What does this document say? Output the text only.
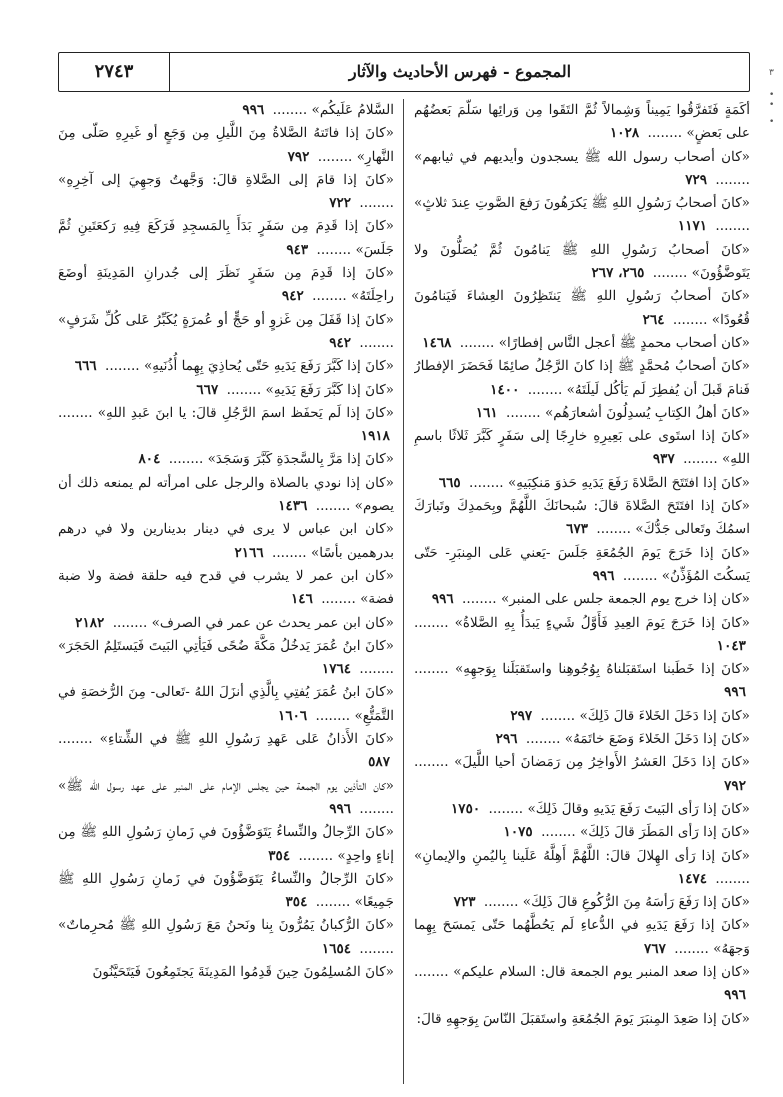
المجموع - فهرس الأحاديث والآثار
٢٧٤٣
أكَمَةٍ فَتَفرَّقُوا يَمِيناً وَشِمالاً ثُمَّ التَقَوا مِن وَرائِها سَلَّمَ بَعضُهُم على بَعضٍ» ........ ١٠٢٨
«كان أصحاب رسول الله ﷺ يسجدون وأيديهم في ثيابهم» ........ ٧٢٩
«كانَ أصحابُ رَسُولِ اللهِ ﷺ يَكرَهُونَ رَفعَ الصَّوتِ عِندَ ثلاثٍ» ........ ١١٧١
«كانَ أصحابُ رَسُولِ اللهِ ﷺ يَنامُونَ ثُمَّ يُصَلُّونَ ولا يَتَوضَّؤُونَ» ........ ٢٦٥، ٢٦٧
«كانَ أصحابُ رَسُولِ اللهِ ﷺ يَنتَظِرُونَ العِشاءَ فَيَنامُونَ قُعُودًا» ........ ٢٦٤
«كان أصحاب محمدٍ ﷺ أعجل النَّاس إفطارًا» ........ ١٤٦٨
«كانَ أصحابُ مُحمَّدٍ ﷺ إذا كانَ الرَّجُلُ صائِمًا فَحَضَرَ الإفطارُ فَنامَ قَبلَ أن يُفطِرَ لَم يَأكُل لَيلَتَهُ» ........ ١٤٠٠
«كانَ أهلُ الكِتابِ يُسدِلُونَ أشعارَهُم» ........ ١٦١
«كانَ إذا استَوى على بَعِيرِهِ خارِجًا إلى سَفَرٍ كَبَّرَ ثَلاثًا باسمِ اللهِ» ........ ٩٣٧
«كانَ إذا افتَتَحَ الصَّلاةَ رَفَعَ يَدَيهِ حَذوَ مَنكِبَيهِ» ........ ٦٦٥
«كانَ إذا افتَتَحَ الصَّلاةَ قالَ: سُبحانَكَ اللَّهُمَّ وبِحَمدِكَ وتَبارَكَ اسمُكَ وتَعالى جَدُّكَ» ........ ٦٧٣
«كانَ إذا خَرَجَ يَومَ الجُمُعَةِ جَلَسَ -يَعني عَلى المِنبَرِ- حَتّى يَسكُتَ المُؤَذِّنُ» ........ ٩٩٦
«كان إذا خرج يوم الجمعة جلس على المنبر» ........ ٩٩٦
«كانَ إذا خَرَجَ يَومَ العِيدِ فَأَوَّلُ شَيءٍ يَبدَأُ بِهِ الصَّلاةُ» ........ ١٠٤٣
«كانَ إذا خَطَبنا استَقبَلناهُ بِوُجُوهِنا واستَقبَلَنا بِوَجهِهِ» ........ ٩٩٦
«كانَ إذا دَخَلَ الخَلاءَ قالَ ذَلِكَ» ........ ٢٩٧
«كانَ إذا دَخَلَ الخَلاءَ وَضَعَ خاتَمَهُ» ........ ٢٩٦
«كانَ إذا دَخَلَ العَشرُ الأَواخِرُ مِن رَمَضانَ أحيا اللَّيلَ» ........ ٧٩٢
«كانَ إذا رَأى البَيتَ رَفَعَ يَدَيهِ وقالَ ذَلِكَ» ........ ١٧٥٠
«كانَ إذا رَأى المَطَرَ قالَ ذَلِكَ» ........ ١٠٧٥
«كانَ إذا رَأى الهِلالَ قالَ: اللَّهُمَّ أَهِلَّهُ عَلَينا بِاليُمنِ والإيمانِ» ........ ١٤٧٤
«كانَ إذا رَفَعَ رَأسَهُ مِنَ الرُّكُوعِ قالَ ذَلِكَ» ........ ٧٢٣
«كانَ إذا رَفَعَ يَدَيهِ في الدُّعاءِ لَم يَحُطَّهُما حَتّى يَمسَحَ بِهِما وَجهَهُ» ........ ٧٦٧
«كان إذا صعد المنبر يوم الجمعة قال: السلام عليكم» ........ ٩٩٦
«كانَ إذا صَعِدَ المِنبَرَ يَومَ الجُمُعَةِ واستَقبَلَ النّاسَ بِوَجهِهِ قالَ:
السَّلامُ عَلَيكُم» ........ ٩٩٦
«كانَ إذا فاتَتهُ الصَّلاةُ مِنَ اللَّيلِ مِن وَجَعٍ أو غَيرِهِ صَلّى مِنَ النَّهارِ» ........ ٧٩٢
«كانَ إذا قامَ إلى الصَّلاةِ قالَ: وَجَّهتُ وَجهِيَ إلى آخِرِهِ» ........ ٧٢٢
«كانَ إذا قَدِمَ مِن سَفَرٍ بَدَأَ بِالمَسجِدِ فَرَكَعَ فِيهِ رَكعَتَينِ ثُمَّ جَلَسَ» ........ ٩٤٣
«كانَ إذا قَدِمَ مِن سَفَرٍ نَظَرَ إلى جُدرانِ المَدِينَةِ أوضَعَ راحِلَتَهُ» ........ ٩٤٢
«كانَ إذا قَفَلَ مِن غَزوٍ أو حَجٍّ أو عُمرَةٍ يُكَبِّرُ عَلى كُلِّ شَرَفٍ» ........ ٩٤٢
«كانَ إذا كَبَّرَ رَفَعَ يَدَيهِ حَتّى يُحاذِيَ بِهِما أُذُنَيهِ» ........ ٦٦٦
«كانَ إذا كَبَّرَ رَفَعَ يَدَيهِ» ........ ٦٦٧
«كانَ إذا لَم يَحفَظ اسمَ الرَّجُلِ قالَ: يا ابنَ عَبدِ اللهِ» ........ ١٩١٨
«كانَ إذا مَرَّ بِالسَّجدَةِ كَبَّرَ وَسَجَدَ» ........ ٨٠٤
«كان إذا نودي بالصلاة والرجل على امرأته لم يمنعه ذلك أن يصوم» ........ ١٤٣٦
«كان ابن عباس لا يرى في دينار بدينارين ولا في درهم بدرهمين بأسًا» ........ ٢١٦٦
«كان ابن عمر لا يشرب في قدح فيه حلقة فضة ولا ضبة فضة» ........ ١٤٦
«كان ابن عمر يحدث عن عمر في الصرف» ........ ٢١٨٢
«كانَ ابنُ عُمَرَ يَدخُلُ مَكَّةَ ضُحًى فَيَأتِي البَيتَ فَيَستَلِمُ الحَجَرَ» ........ ١٧٦٤
«كانَ ابنُ عُمَرَ يُفتِي بِالَّذِي أنزَلَ اللهُ -تَعالى- مِنَ الرُّخصَةِ في التَّمَتُّعِ» ........ ١٦٠٦
«كانَ الأَذانُ عَلى عَهدِ رَسُولِ اللهِ ﷺ في الشِّتاءِ» ........ ٥٨٧
«كان التأذين يوم الجمعة حين يجلس الإمام على المنبر على عهد رسول الله ﷺ» ........ ٩٩٦
«كانَ الرِّجالُ والنِّساءُ يَتَوَضَّؤُونَ في زَمانِ رَسُولِ اللهِ ﷺ مِن إناءٍ واحِدٍ» ........ ٣٥٤
«كانَ الرِّجالُ والنِّساءُ يَتَوَضَّؤُونَ في زَمانِ رَسُولِ اللهِ ﷺ جَمِيعًا» ........ ٣٥٤
«كانَ الرُّكبانُ يَمُرُّونَ بِنا ونَحنُ مَعَ رَسُولِ اللهِ ﷺ مُحرِماتٌ» ........ ١٦٥٤
«كانَ المُسلِمُونَ حِينَ قَدِمُوا المَدِينَةَ يَجتَمِعُونَ فَيَتَحَيَّنُونَ
٣
•
•
•
